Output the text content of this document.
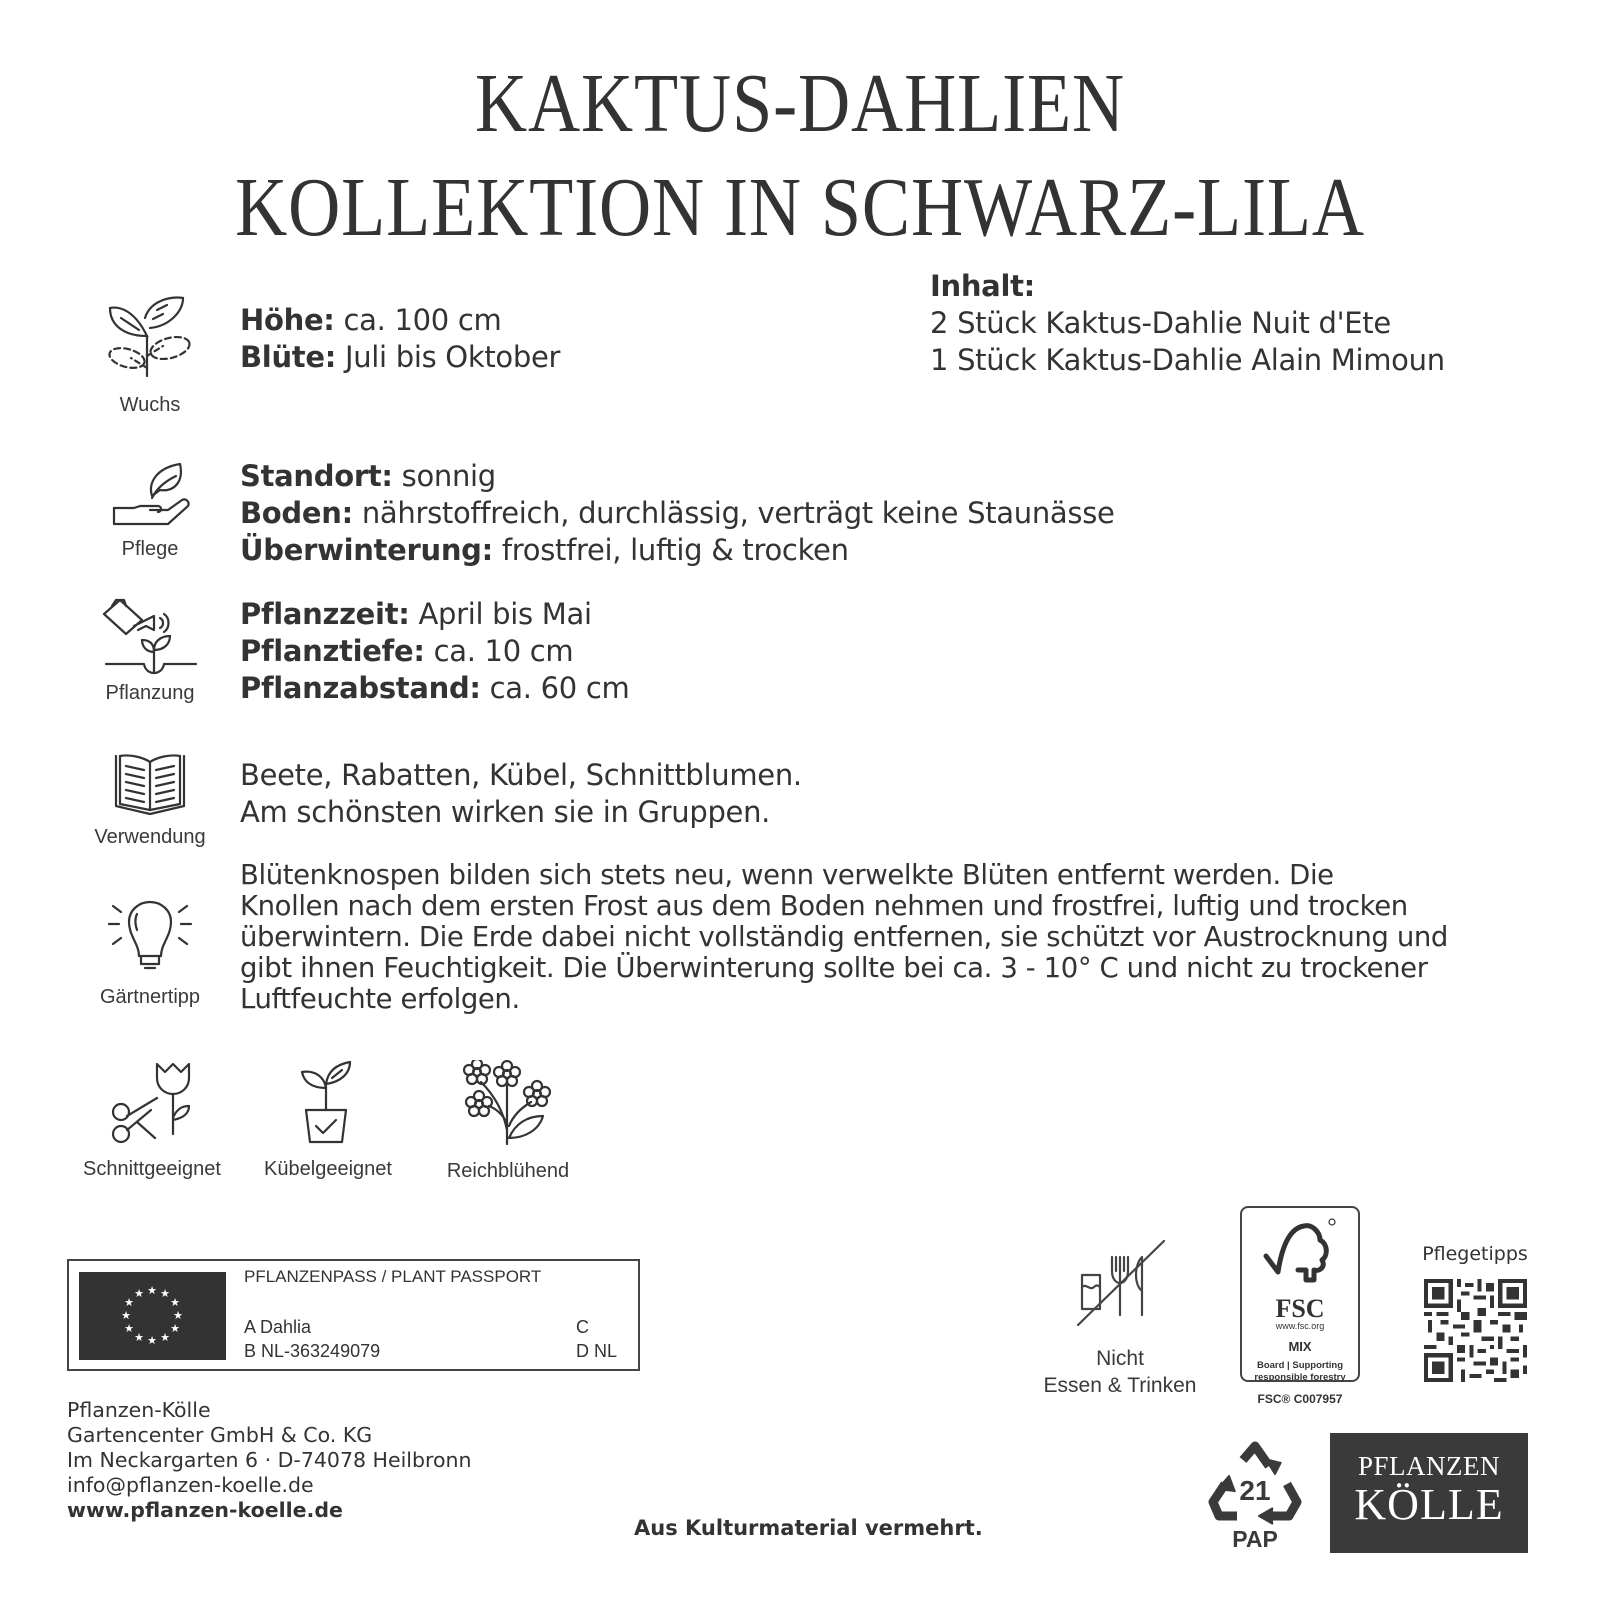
KAKTUS-DAHLIEN
KOLLEKTION IN SCHWARZ-LILA
Wuchs
Höhe: ca. 100 cm
Blüte: Juli bis Oktober
Inhalt:
2 Stück Kaktus-Dahlie Nuit d'Ete
1 Stück Kaktus-Dahlie Alain Mimoun
Pflege
Standort: sonnig
Boden: nährstoffreich, durchlässig, verträgt keine Staunässe
Überwinterung: frostfrei, luftig & trocken
Pflanzung
Pflanzzeit: April bis Mai
Pflanztiefe: ca. 10 cm
Pflanzabstand: ca. 60 cm
Verwendung
Beete, Rabatten, Kübel, Schnittblumen.
Am schönsten wirken sie in Gruppen.
Gärtnertipp
Blütenknospen bilden sich stets neu, wenn verwelkte Blüten entfernt werden. Die
Knollen nach dem ersten Frost aus dem Boden nehmen und frostfrei, luftig und trocken
überwintern. Die Erde dabei nicht vollständig entfernen, sie schützt vor Austrocknung und
gibt ihnen Feuchtigkeit. Die Überwinterung sollte bei ca. 3 - 10° C und nicht zu trockener
Luftfeuchte erfolgen.
Schnittgeeignet	Kübelgeeignet	Reichblühend
★ ★
★
★
★
★
★
★
★
★
★
★
PFLANZENPASS / PLANT PASSPORT
A Dahlia
B NL-363249079
C
D NL	Nicht
Essen & Trinken
FSC
www.fsc.org
MIX
Board | Supporting
responsible forestry
FSC® C007957
Pflegetipps
Pflanzen-Kölle
Gartencenter GmbH & Co. KG
Im Neckargarten 6 · D-74078 Heilbronn
info@pflanzen-koelle.de
www.pflanzen-koelle.de
Aus Kulturmaterial vermehrt.
21
PAP
PFLANZEN
KÖLLE
